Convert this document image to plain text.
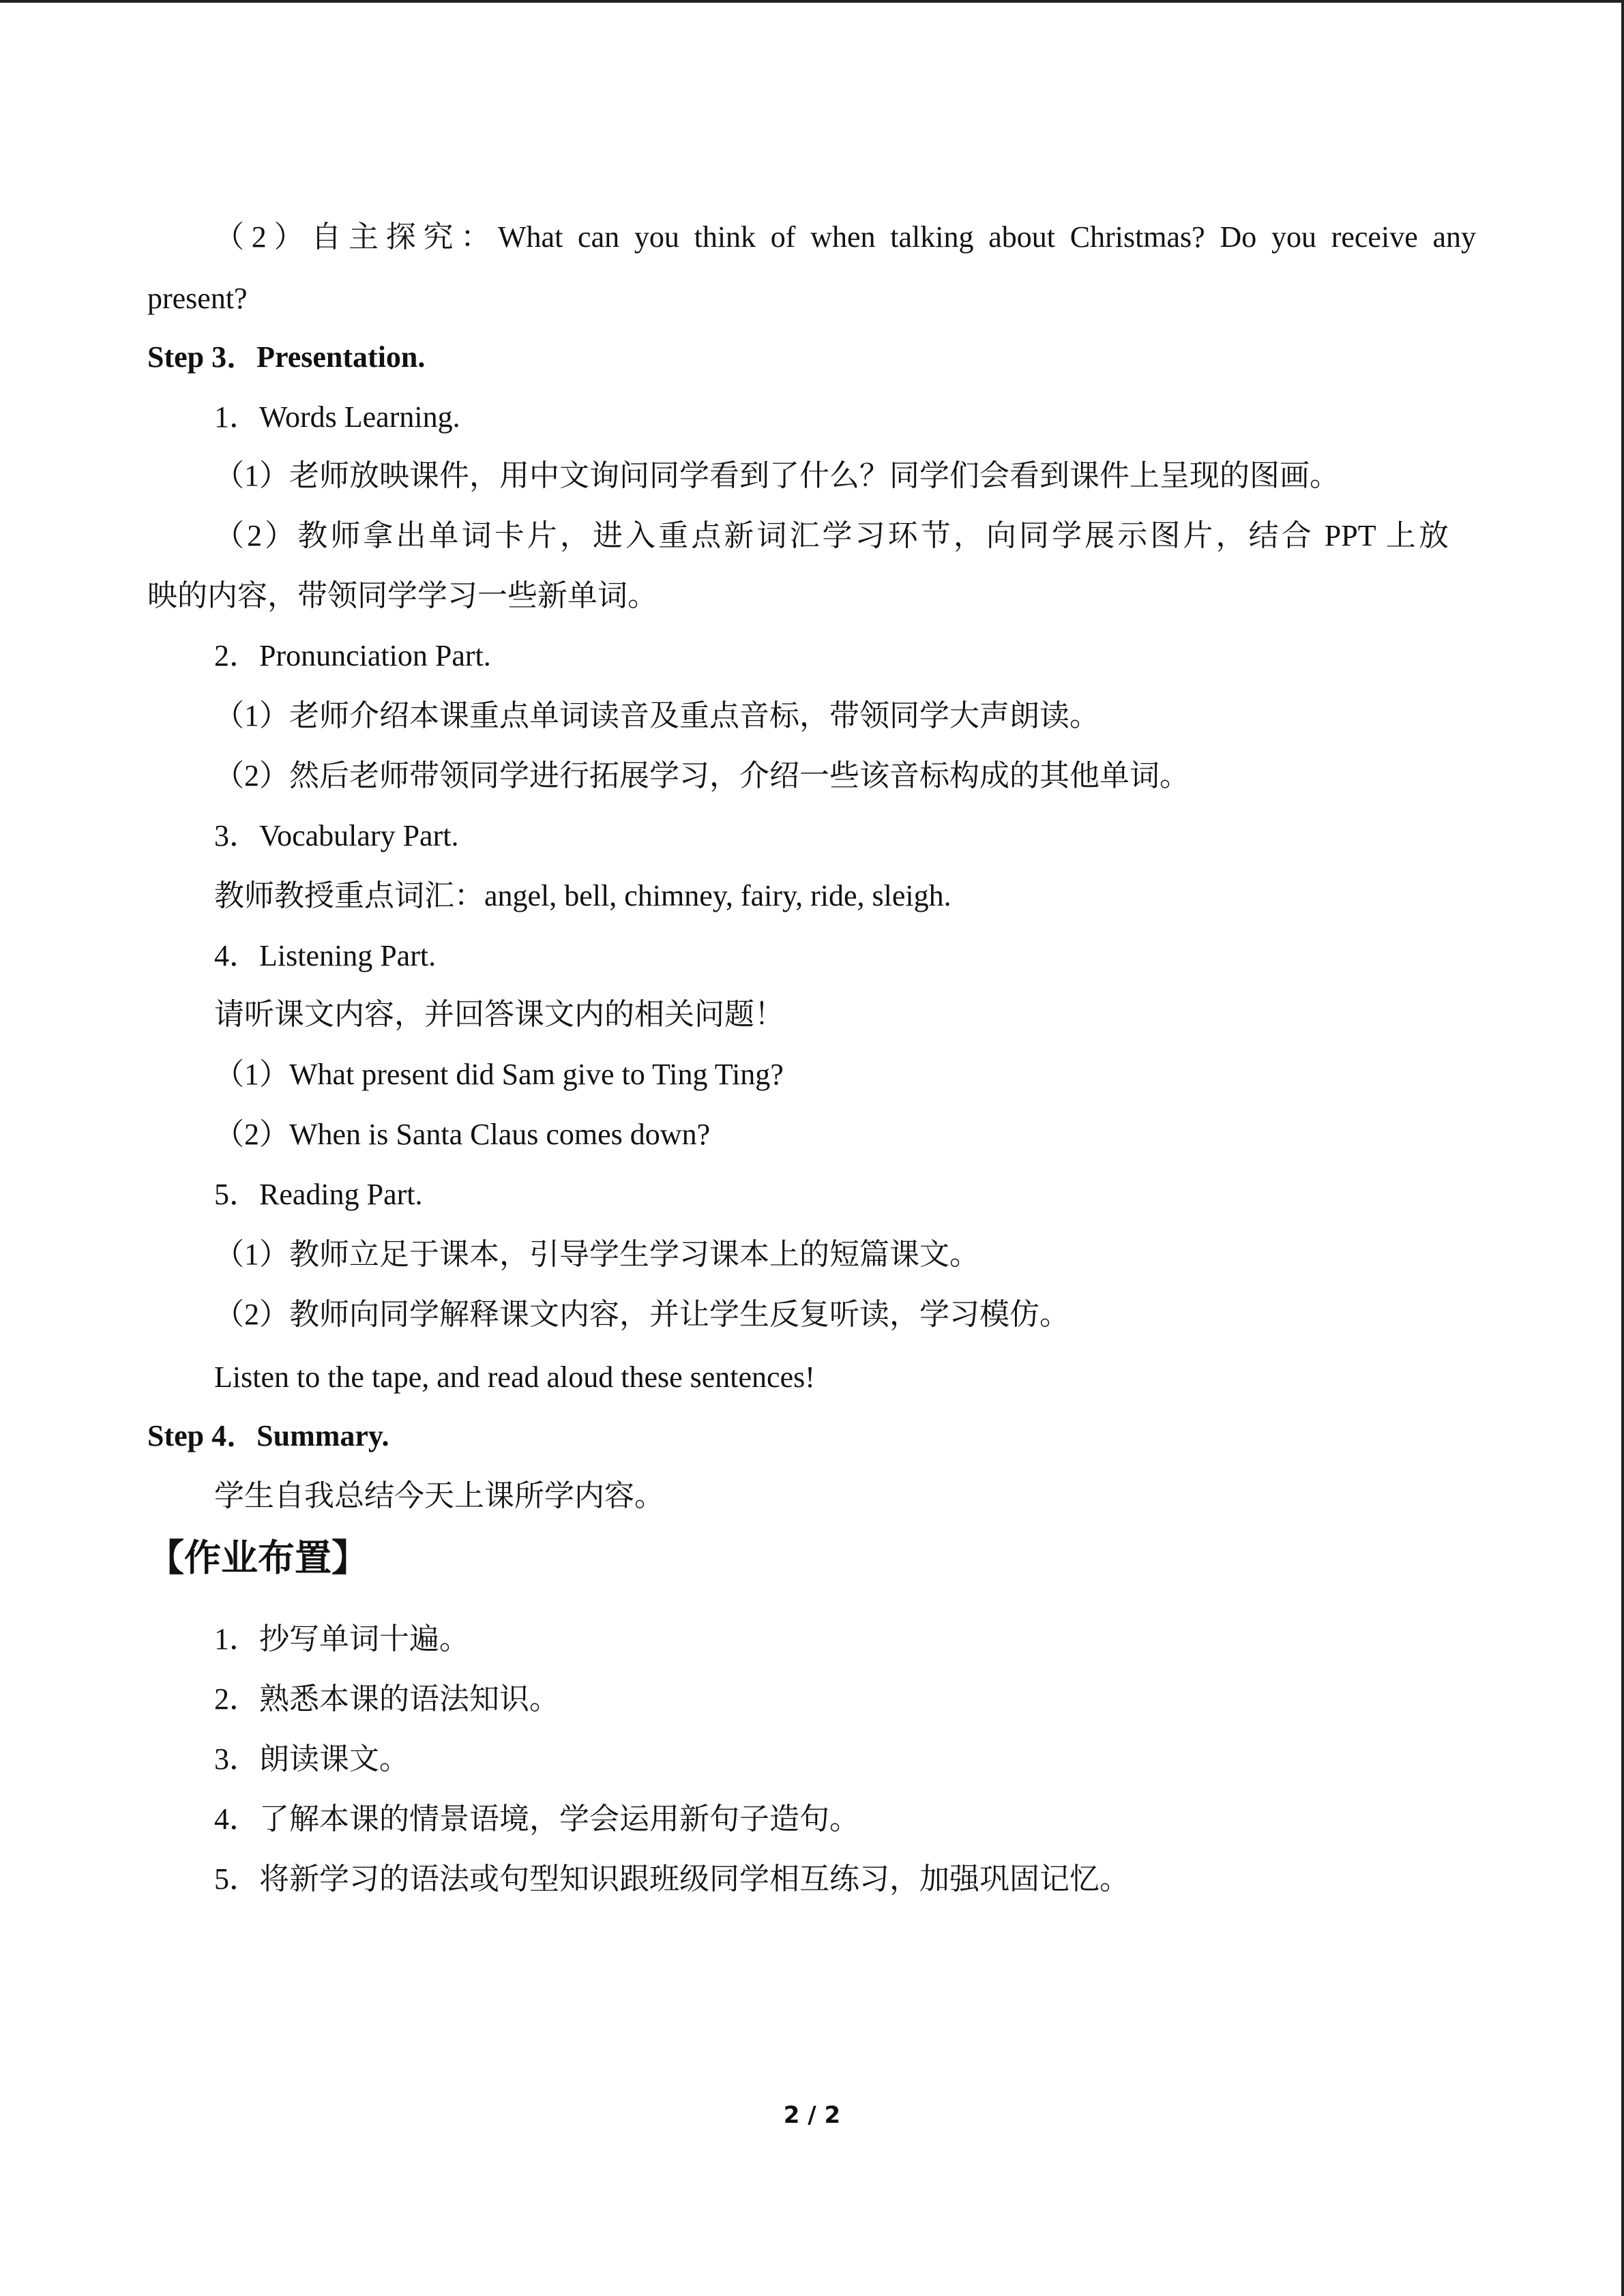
（2）自主探究：What can you think of when talking about Christmas? Do you receive any
present?
Step 3．Presentation.
1．Words Learning.
（1）老师放映课件，用中文询问同学看到了什么？同学们会看到课件上呈现的图画。
（2）教师拿出单词卡片，进入重点新词汇学习环节，向同学展示图片，结合 PPT 上放
映的内容，带领同学学习一些新单词。
2．Pronunciation Part.
（1）老师介绍本课重点单词读音及重点音标，带领同学大声朗读。
（2）然后老师带领同学进行拓展学习，介绍一些该音标构成的其他单词。
3．Vocabulary Part.
教师教授重点词汇：angel, bell, chimney, fairy, ride, sleigh.
4．Listening Part.
请听课文内容，并回答课文内的相关问题！
（1）What present did Sam give to Ting Ting?
（2）When is Santa Claus comes down?
5．Reading Part.
（1）教师立足于课本，引导学生学习课本上的短篇课文。
（2）教师向同学解释课文内容，并让学生反复听读，学习模仿。
Listen to the tape, and read aloud these sentences!
Step 4．Summary.
学生自我总结今天上课所学内容。
【作业布置】
1．抄写单词十遍。
2．熟悉本课的语法知识。
3．朗读课文。
4．了解本课的情景语境，学会运用新句子造句。
5．将新学习的语法或句型知识跟班级同学相互练习，加强巩固记忆。
2 / 2
